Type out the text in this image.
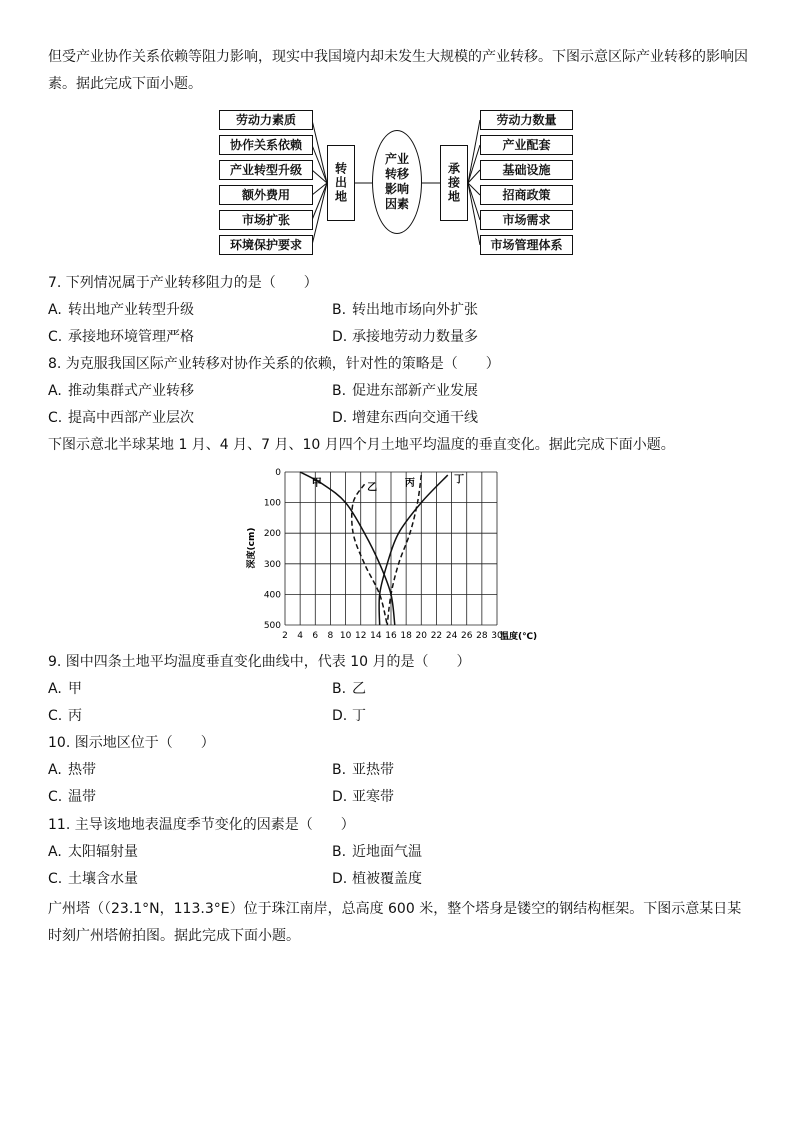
但受产业协作关系依赖等阻力影响，现实中我国境内却未发生大规模的产业转移。下图示意区际产业转移的影响因素。据此完成下面小题。

劳动力素质
协作关系依赖
产业转型升级
额外费用
市场扩张
环境保护要求
转出地
产业转移影响因素	承接地
劳动力数量
产业配套
基础设施
招商政策
市场需求
市场管理体系
7. 下列情况属于产业转移阻力的是（　　）
A. 转出地产业转型升级	B. 转出地市场向外扩张
C. 承接地环境管理严格	D. 承接地劳动力数量多
8. 为克服我国区际产业转移对协作关系的依赖，针对性的策略是（　　）
A. 推动集群式产业转移	B. 促进东部新产业发展
C. 提高中西部产业层次	D. 增建东西向交通干线
下图示意北半球某地 1 月、4 月、7 月、10 月四个月土地平均温度的垂直变化。据此完成下面小题。
2 4 6 8 10 12 14 16 18 20 22 24 26 28 30
0
100
200
300
400
500
温度(℃)
深度(cm)
甲	乙	丙	丁
9. 图中四条土地平均温度垂直变化曲线中，代表 10 月的是（　　）
A. 甲	B. 乙
C. 丙	D. 丁
10. 图示地区位于（　　）
A. 热带	B. 亚热带
C. 温带	D. 亚寒带
11. 主导该地地表温度季节变化的因素是（　　）
A. 太阳辐射量	B. 近地面气温
C. 土壤含水量	D. 植被覆盖度

广州塔（（23.1°N，113.3°E）位于珠江南岸，总高度 600 米，整个塔身是镂空的钢结构框架。下图示意某日某时刻广州塔俯拍图。据此完成下面小题。
